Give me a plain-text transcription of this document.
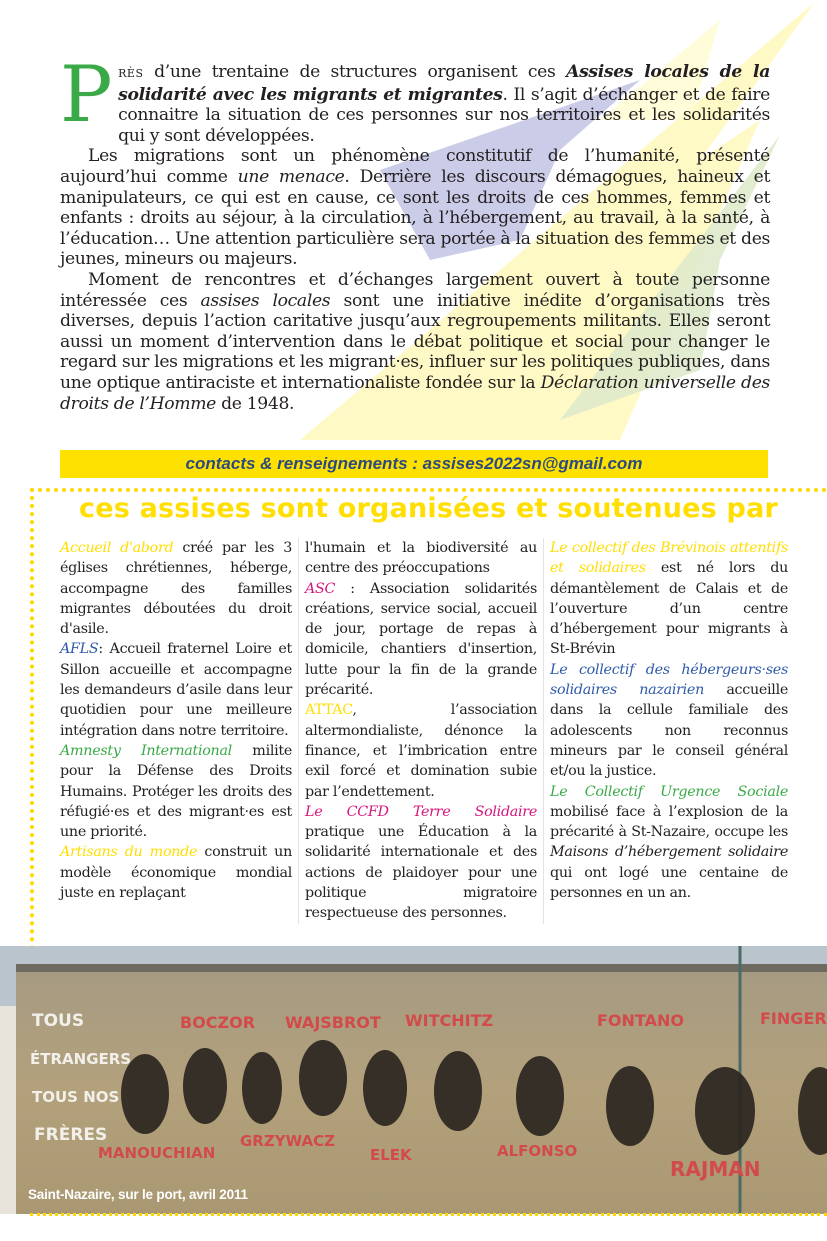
PRÈS d’une trentaine de structures organisent ces Assises locales de la solidarité avec les migrants et migrantes. Il s’agit d’échanger et de faire connaitre la situation de ces personnes sur nos territoires et les solidarités qui y sont développées.

Les migrations sont un phénomène constitutif de l’humanité, présenté aujourd’hui comme une menace. Derrière les discours démagogues, haineux et manipulateurs, ce qui est en cause, ce sont les droits de ces hommes, femmes et enfants : droits au séjour, à la circulation, à l’hébergement, au travail, à la santé, à l’éducation… Une attention particulière sera portée à la situation des femmes et des jeunes, mineurs ou majeurs.

Moment de rencontres et d’échanges largement ouvert à toute personne intéressée ces assises locales sont une initiative inédite d’organisations très diverses, depuis l’action caritative jusqu’aux regroupements militants. Elles seront aussi un moment d’intervention dans le débat politique et social pour changer le regard sur les migrations et les migrant·es, influer sur les politiques publiques, dans une optique antiraciste et internationaliste fondée sur la Déclaration universelle des droits de l’Homme de 1948.

contacts & renseignements : assises2022sn@gmail.com
ces assises sont organisées et soutenues par

Accueil d'abord créé par les 3 églises chrétiennes, héberge, accompagne des familles migrantes déboutées du droit d'asile.

AFLS: Accueil fraternel Loire et Sillon accueille et accompagne les demandeurs d’asile dans leur quotidien pour une meilleure intégration dans notre territoire.

Amnesty International milite pour la Défense des Droits Humains. Protéger les droits des réfugié·es et des migrant·es est une priorité.

Artisans du monde construit un modèle économique mondial juste en replaçant

l'humain et la biodiversité au centre des préoccupations

ASC : Association solidarités créations, service social, accueil de jour, portage de repas à domicile, chantiers d'insertion, lutte pour la fin de la grande précarité.

ATTAC, l’association altermondialiste, dénonce la finance, et l’imbrication entre exil forcé et domination subie par l’endettement.

Le CCFD Terre Solidaire pratique une Éducation à la solidarité internationale et des actions de plaidoyer pour une politique migratoire respectueuse des personnes.

Le collectif des Brévinois attentifs et solidaires est né lors du démantèlement de Calais et de l’ouverture d’un centre d’hébergement pour migrants à St-Brévin

Le collectif des hébergeurs·ses solidaires nazairien accueille dans la cellule familiale des adolescents non reconnus mineurs par le conseil général et/ou la justice.

Le Collectif Urgence Sociale mobilisé face à l’explosion de la précarité à St-Nazaire, occupe les Maisons d’hébergement solidaire qui ont logé une centaine de personnes en un an.

TOUS
ÉTRANGERS
TOUS NOS
FRÈRES
BOCZOR WAJSBROT WITCHITZ	FONTANO	FINGER
MANOUCHIAN
GRZYWACZ
ELEK	ALFONSO
RAJMAN
Saint-Nazaire, sur le port, avril 2011
